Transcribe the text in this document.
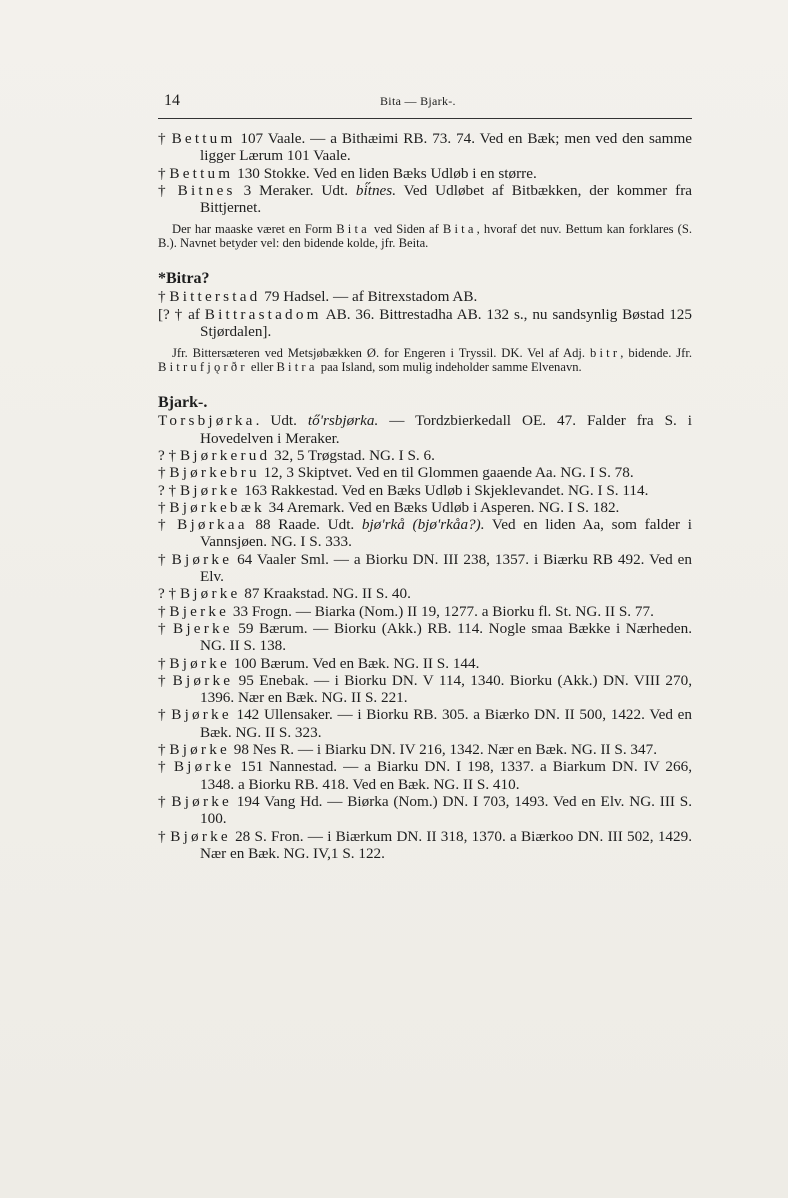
14	Bita — Bjark-.
† Bettum 107 Vaale. — a Bithæimi RB. 73. 74. Ved en Bæk; men ved den samme ligger Lærum 101 Vaale.
† Bettum 130 Stokke. Ved en liden Bæks Udløb i en større.
† Bitnes 3 Meraker. Udt. bi̋tnes. Ved Udløbet af Bitbækken, der kommer fra Bittjernet.
Der har maaske været en Form Bita ved Siden af Bita, hvoraf det nuv. Bettum kan forklares (S. B.). Navnet betyder vel: den bidende kolde, jfr. Beita.
*Bitra?
† Bitterstad 79 Hadsel. — af Bitrexstadom AB.
[? † af Bittrastadom AB. 36. Bittrestadha AB. 132 s., nu sandsynlig Bøstad 125 Stjørdalen].
Jfr. Bittersæteren ved Metsjøbækken Ø. for Engeren i Tryssil. DK. Vel af Adj. bitr, bidende. Jfr. Bitrufjǫrðr eller Bitra paa Island, som mulig indeholder samme Elvenavn.
Bjark-.
Torsbjørka. Udt. tő'rsbjørka. — Tordzbierkedall OE. 47. Falder fra S. i Hovedelven i Meraker.
? † Bjørkerud 32, 5 Trøgstad. NG. I S. 6.
† Bjørkebru 12, 3 Skiptvet. Ved en til Glommen gaaende Aa. NG. I S. 78.
? † Bjørke 163 Rakkestad. Ved en Bæks Udløb i Skjeklevandet. NG. I S. 114.
† Bjørkebæk 34 Aremark. Ved en Bæks Udløb i Asperen. NG. I S. 182.
† Bjørkaa 88 Raade. Udt. bjø'rkå (bjø'rkåa?). Ved en liden Aa, som falder i Vannsjøen. NG. I S. 333.
† Bjørke 64 Vaaler Sml. — a Biorku DN. III 238, 1357. i Biærku RB 492. Ved en Elv.
? † Bjørke 87 Kraakstad. NG. II S. 40.
† Bjerke 33 Frogn. — Biarka (Nom.) II 19, 1277. a Biorku fl. St. NG. II S. 77.
† Bjerke 59 Bærum. — Biorku (Akk.) RB. 114. Nogle smaa Bække i Nærheden. NG. II S. 138.
† Bjørke 100 Bærum. Ved en Bæk. NG. II S. 144.
† Bjørke 95 Enebak. — i Biorku DN. V 114, 1340. Biorku (Akk.) DN. VIII 270, 1396. Nær en Bæk. NG. II S. 221.
† Bjørke 142 Ullensaker. — i Biorku RB. 305. a Biærko DN. II 500, 1422. Ved en Bæk. NG. II S. 323.
† Bjørke 98 Nes R. — i Biarku DN. IV 216, 1342. Nær en Bæk. NG. II S. 347.
† Bjørke 151 Nannestad. — a Biarku DN. I 198, 1337. a Biarkum DN. IV 266, 1348. a Biorku RB. 418. Ved en Bæk. NG. II S. 410.
† Bjørke 194 Vang Hd. — Biørka (Nom.) DN. I 703, 1493. Ved en Elv. NG. III S. 100.
† Bjørke 28 S. Fron. — i Biærkum DN. II 318, 1370. a Biærkoo DN. III 502, 1429. Nær en Bæk. NG. IV,1 S. 122.
